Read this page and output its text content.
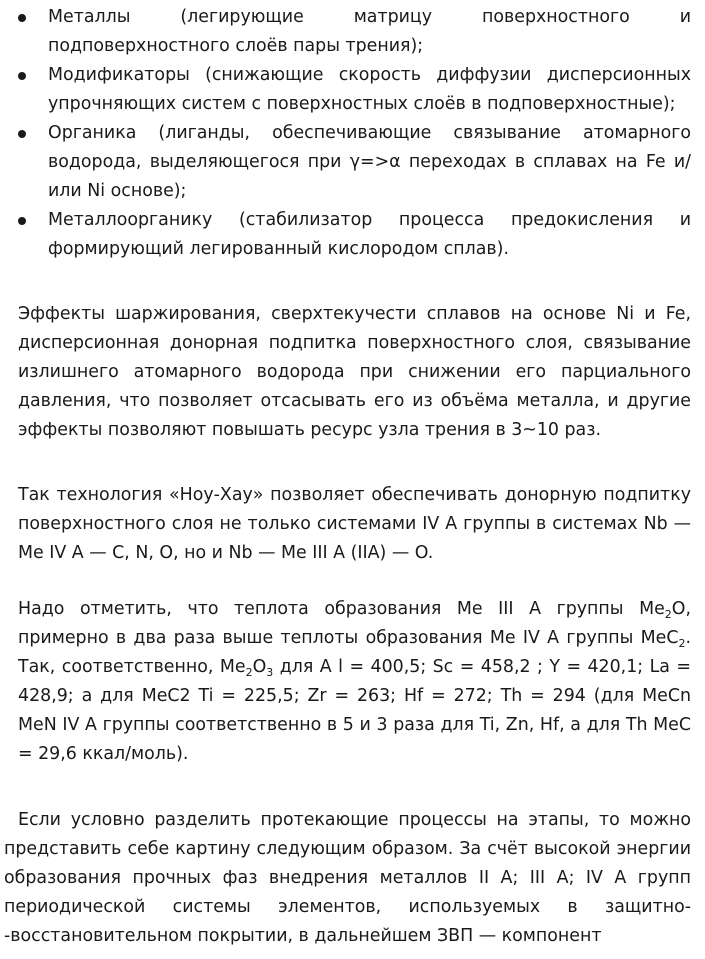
Металлы (легирующие матрицу поверхностного и подповерхностного слоёв пары трения);
Модификаторы (снижающие скорость диффузии дисперсионных упрочняющих систем с поверхностных слоёв в подповерхностные);
Органика (лиганды, обеспечивающие связывание атомарного водорода, выделяющегося при γ=>α переходах в сплавах на Fe и/или Ni основе);
Металлоорганику (стабилизатор процесса предокисления и формирующий легированный кислородом сплав).

Эффекты шаржирования, сверхтекучести сплавов на основе Ni и Fe, дисперсионная донорная подпитка поверхностного слоя, связывание излишнего атомарного водорода при снижении его парциального давления, что позволяет отсасывать его из объёма металла, и другие эффекты позволяют повышать ресурс узла трения в 3~10 раз.

Так технология «Ноу-Хау» позволяет обеспечивать донорную подпитку поверхностного слоя не только системами IV А группы в системах Nb — Me IV A — C, N, O, но и Nb — Me III A (IIA) — O.

Надо отметить, что теплота образования Ме III А группы $Ме_2О$, примерно в два раза выше теплоты образования Ме IV А группы МеС$_2$. Так, соответственно, $Ме_2О_3$ для А l = 400,5; Sc = 458,2 ; Y = 420,1; La = 428,9; а для МеС2 Ti = 225,5; Zr = 263; Hf = 272; Th = 294 (для MeCn MeN IV A группы соответственно в 5 и 3 раза для Ti, Zn, Hf, а для Th MeC = 29,6 ккал/моль).

Если условно разделить протекающие процессы на этапы, то можно представить себе картину следующим образом. За счёт высокой энергии образования прочных фаз внедрения металлов II А; III A; IV A групп периодической системы элементов, используемых в защитно- -восстановительном покрытии, в дальнейшем ЗВП — компонент
